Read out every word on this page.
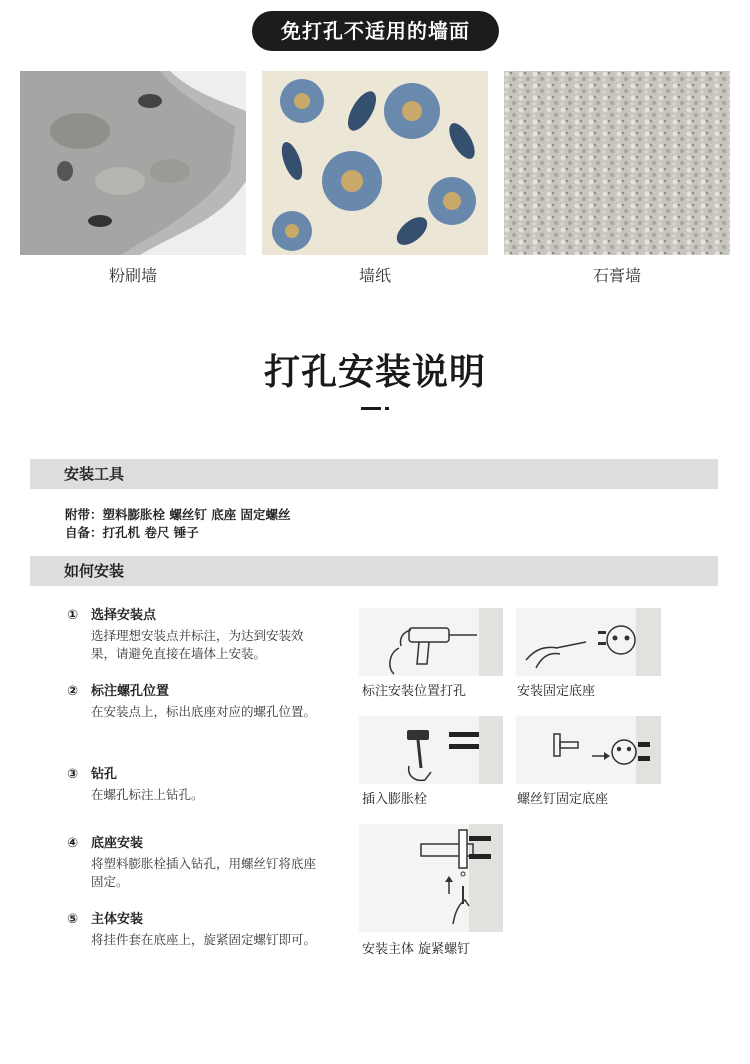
免打孔不适用的墙面
粉刷墙	墙纸	石膏墙
打孔安装说明
安装工具
附带：塑料膨胀栓 螺丝钉 底座 固定螺丝
自备：打孔机 卷尺 锤子
如何安装
① 选择安装点
选择理想安装点并标注，为达到安装效果，请避免直接在墙体上安装。
② 标注螺孔位置
在安装点上，标出底座对应的螺孔位置。
③ 钻孔
在螺孔标注上钻孔。
④ 底座安装
将塑料膨胀栓插入钻孔，用螺丝钉将底座固定。
⑤ 主体安装
将挂件套在底座上，旋紧固定螺钉即可。
标注安装位置打孔	安装固定底座
插入膨胀栓	螺丝钉固定底座
安装主体 旋紧螺钉
